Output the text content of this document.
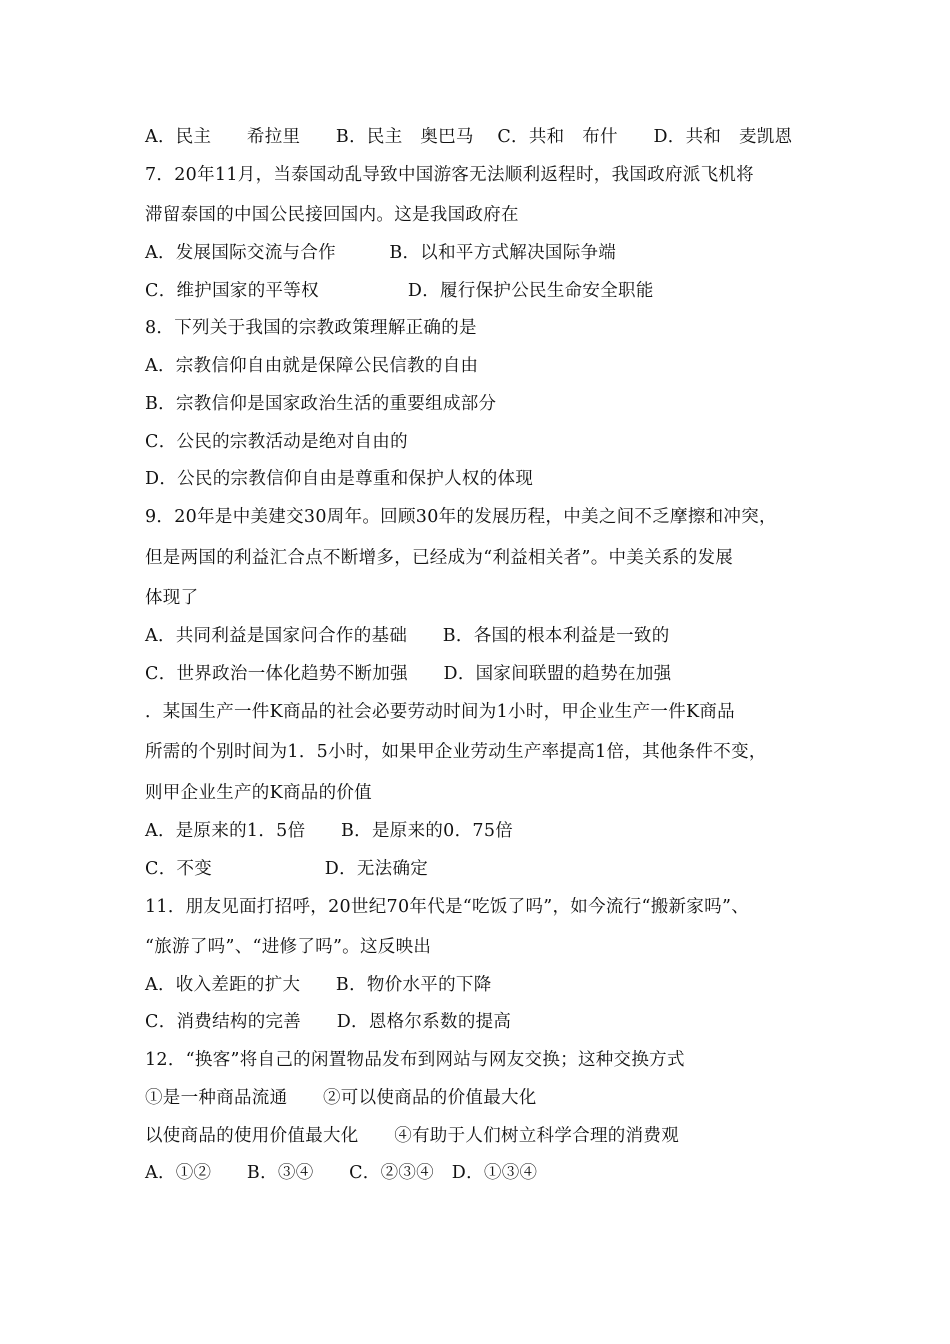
A．民主　　希拉里　　B．民主　奥巴马　 C．共和　布什　　D．共和　麦凯恩
7．20年11月，当泰国动乱导致中国游客无法顺利返程时，我国政府派飞机将
滞留泰国的中国公民接回国内。这是我国政府在
A．发展国际交流与合作　　　B．以和平方式解决国际争端
C．维护国家的平等权　　　　　D．履行保护公民生命安全职能
8．下列关于我国的宗教政策理解正确的是
A．宗教信仰自由就是保障公民信教的自由
B．宗教信仰是国家政治生活的重要组成部分
C．公民的宗教活动是绝对自由的
D．公民的宗教信仰自由是尊重和保护人权的体现
9．20年是中美建交30周年。回顾30年的发展历程，中美之间不乏摩擦和冲突，
但是两国的利益汇合点不断增多，已经成为“利益相关者”。中美关系的发展
体现了
A．共同利益是国家问合作的基础　　B．各国的根本利益是一致的
C．世界政治一体化趋势不断加强　　D．国家间联盟的趋势在加强
．某国生产一件K商品的社会必要劳动时间为1小时，甲企业生产一件K商品
所需的个别时间为1．5小时，如果甲企业劳动生产率提高1倍，其他条件不变，
则甲企业生产的K商品的价值
A．是原来的1．5倍　　B．是原来的0．75倍
C．不变　　　　　　 D．无法确定
11．朋友见面打招呼，20世纪70年代是“吃饭了吗”，如今流行“搬新家吗”、
“旅游了吗”、“进修了吗”。这反映出
A．收入差距的扩大　　B．物价水平的下降
C．消费结构的完善　　D．恩格尔系数的提高
12．“换客”将自己的闲置物品发布到网站与网友交换；这种交换方式
①是一种商品流通　　②可以使商品的价值最大化
以使商品的使用价值最大化　　④有助于人们树立科学合理的消费观
A．①②　　B．③④　　C．②③④　D．①③④
